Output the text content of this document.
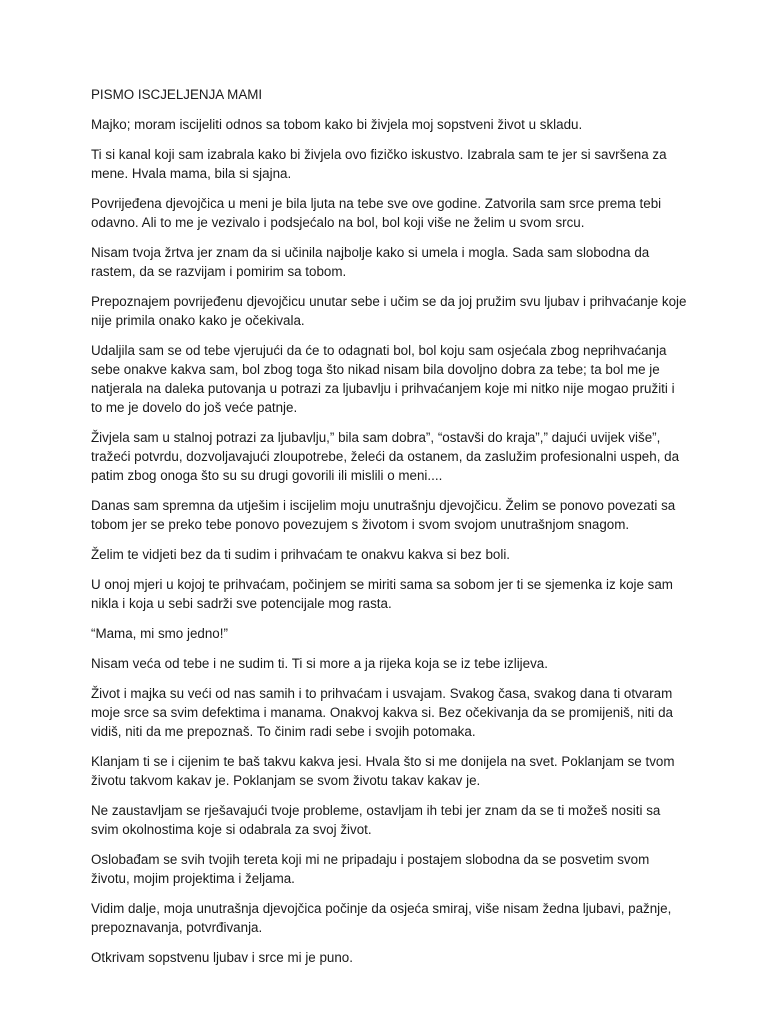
PISMO ISCJELJENJA MAMI

Majko; moram iscijeliti odnos sa tobom kako bi živjela moj sopstveni život u skladu.

Ti si kanal koji sam izabrala kako bi živjela ovo fizičko iskustvo. Izabrala sam te jer si savršena za mene. Hvala mama, bila si sjajna.

Povrijeđena djevojčica u meni je bila ljuta na tebe sve ove godine. Zatvorila sam srce prema tebi odavno. Ali to me je vezivalo i podsjećalo na bol, bol koji više ne želim u svom srcu.

Nisam tvoja žrtva jer znam da si učinila najbolje kako si umela i mogla. Sada sam slobodna da rastem, da se razvijam i pomirim sa tobom.

Prepoznajem povrijeđenu djevojčicu unutar sebe i učim se da joj pružim svu ljubav i prihvaćanje koje nije primila onako kako je očekivala.

Udaljila sam se od tebe vjerujući da će to odagnati bol, bol koju sam osjećala zbog neprihvaćanja sebe onakve kakva sam, bol zbog toga što nikad nisam bila dovoljno dobra za tebe; ta bol me je natjerala na daleka putovanja u potrazi za ljubavlju i prihvaćanjem koje mi nitko nije mogao pružiti i to me je dovelo do još veće patnje.

Živjela sam u stalnoj potrazi za ljubavlju,” bila sam dobra”, “ostavši do kraja”,” dajući uvijek više”, tražeći potvrdu, dozvoljavajući zloupotrebe, želeći da ostanem, da zaslužim profesionalni uspeh, da patim zbog onoga što su su drugi govorili ili mislili o meni....

Danas sam spremna da utješim i iscijelim moju unutrašnju djevojčicu. Želim se ponovo povezati sa tobom jer se preko tebe ponovo povezujem s životom i svom svojom unutrašnjom snagom.

Želim te vidjeti bez da ti sudim i prihvaćam te onakvu kakva si bez boli.

U onoj mjeri u kojoj te prihvaćam, počinjem se miriti sama sa sobom jer ti se sjemenka iz koje sam nikla i koja u sebi sadrži sve potencijale mog rasta.

“Mama, mi smo jedno!”

Nisam veća od tebe i ne sudim ti. Ti si more a ja rijeka koja se iz tebe izlijeva.

Život i majka su veći od nas samih i to prihvaćam i usvajam. Svakog časa, svakog dana ti otvaram moje srce sa svim defektima i manama. Onakvoj kakva si. Bez očekivanja da se promijeniš, niti da vidiš, niti da me prepoznaš. To činim radi sebe i svojih potomaka.

Klanjam ti se i cijenim te baš takvu kakva jesi. Hvala što si me donijela na svet. Poklanjam se tvom životu takvom kakav je. Poklanjam se svom životu takav kakav je.

Ne zaustavljam se rješavajući tvoje probleme, ostavljam ih tebi jer znam da se ti možeš nositi sa svim okolnostima koje si odabrala za svoj život.

Oslobađam se svih tvojih tereta koji mi ne pripadaju i postajem slobodna da se posvetim svom životu, mojim projektima i željama.

Vidim dalje, moja unutrašnja djevojčica počinje da osjeća smiraj, više nisam žedna ljubavi, pažnje, prepoznavanja, potvrđivanja.

Otkrivam sopstvenu ljubav i srce mi je puno.
